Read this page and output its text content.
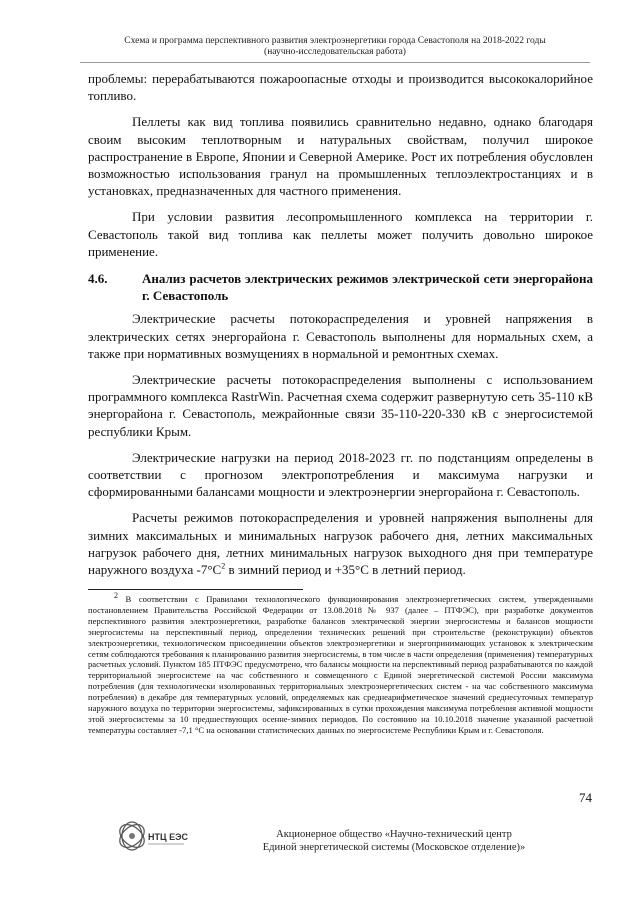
Схема и программа перспективного развития электроэнергетики города Севастополя на 2018-2022 годы
(научно-исследовательская работа)

проблемы: перерабатываются пожароопасные отходы и производится высококалорийное топливо.

Пеллеты как вид топлива появились сравнительно недавно, однако благодаря своим высоким теплотворным и натуральных свойствам, получил широкое распространение в Европе, Японии и Северной Америке. Рост их потребления обусловлен возможностью использования гранул на промышленных теплоэлектростанциях и в установках, предназначенных для частного применения.

При условии развития лесопромышленного комплекса на территории г. Севастополь такой вид топлива как пеллеты может получить довольно широкое применение.

4.6.	Анализ расчетов электрических режимов электрической сети энергорайона г. Севастополь

Электрические расчеты потокораспределения и уровней напряжения в электрических сетях энергорайона г. Севастополь выполнены для нормальных схем, а также при нормативных возмущениях в нормальной и ремонтных схемах.

Электрические расчеты потокораспределения выполнены с использованием программного комплекса RastrWin. Расчетная схема содержит развернутую сеть 35-110 кВ энергорайона г. Севастополь, межрайонные связи 35-110-220-330 кВ с энергосистемой республики Крым.

Электрические нагрузки на период 2018-2023 гг. по подстанциям определены в соответствии с прогнозом электропотребления и максимума нагрузки и сформированными балансами мощности и электроэнергии энергорайона г. Севастополь.

Расчеты режимов потокораспределения и уровней напряжения выполнены для зимних максимальных и минимальных нагрузок рабочего дня, летних максимальных нагрузок рабочего дня, летних минимальных нагрузок выходного дня при температуре наружного воздуха $-7^\circ С^2$ в зимний период и +35°С в летний период.

$^2$ В соответствии с Правилами технологического функционирования электроэнергетических систем, утвержденными постановлением Правительства Российской Федерации от 13.08.2018 № 937 (далее – ПТФЭС), при разработке документов перспективного развития электроэнергетики, разработке балансов электрической энергии энергосистемы и балансов мощности энергосистемы на перспективный период, определении технических решений при строительстве (реконструкции) объектов электроэнергетики, технологическом присоединении объектов электроэнергетики и энергопринимающих установок к электрическим сетям соблюдаются требования к планированию развития энергосистемы, в том числе в части определения (применения) температурных расчетных условий. Пунктом 185 ПТФЭС предусмотрено, что балансы мощности на перспективный период разрабатываются по каждой территориальной энергосистеме на час собственного и совмещенного с Единой энергетической системой России максимума потребления (для технологически изолированных территориальных электроэнергетических систем - на час собственного максимума потребления) в декабре для температурных условий, определяемых как среднеарифметическое значений среднесуточных температур наружного воздуха по территории энергосистемы, зафиксированных в сутки прохождения максимума потребления активной мощности этой энергосистемы за 10 предшествующих осенне-зимних периодов. По состоянию на 10.10.2018 значение указанной расчетной температуры составляет -7,1 °С на основании статистических данных по энергосистеме Республики Крым и г. Севастополя.
74
НТЦ ЕЭС	Акционерное общество «Научно-технический центр
Единой энергетической системы (Московское отделение)»
